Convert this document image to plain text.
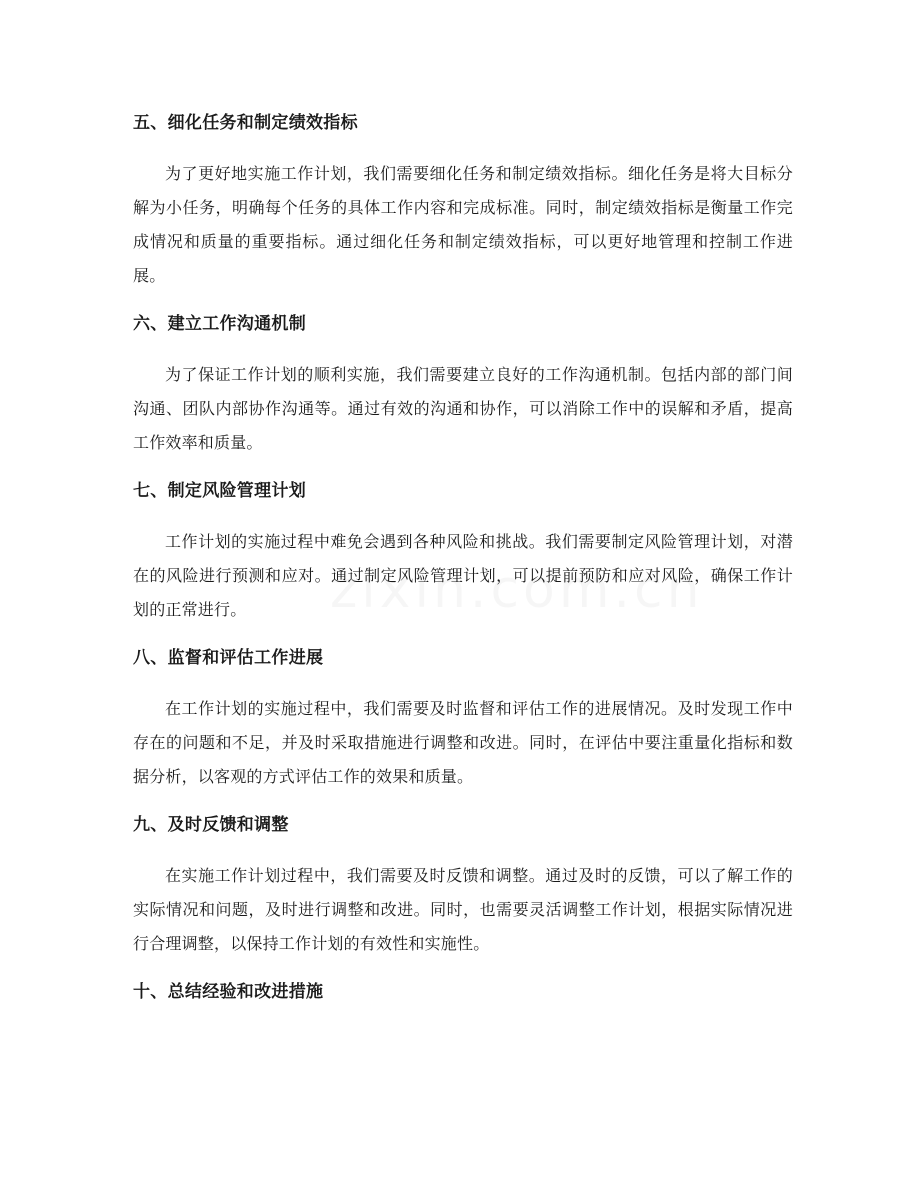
五、细化任务和制定绩效指标

为了更好地实施工作计划，我们需要细化任务和制定绩效指标。细化任务是将大目标分解为小任务，明确每个任务的具体工作内容和完成标准。同时，制定绩效指标是衡量工作完成情况和质量的重要指标。通过细化任务和制定绩效指标，可以更好地管理和控制工作进展。

六、建立工作沟通机制

为了保证工作计划的顺利实施，我们需要建立良好的工作沟通机制。包括内部的部门间沟通、团队内部协作沟通等。通过有效的沟通和协作，可以消除工作中的误解和矛盾，提高工作效率和质量。

七、制定风险管理计划

工作计划的实施过程中难免会遇到各种风险和挑战。我们需要制定风险管理计划，对潜在的风险进行预测和应对。通过制定风险管理计划，可以提前预防和应对风险，确保工作计划的正常进行。

八、监督和评估工作进展

在工作计划的实施过程中，我们需要及时监督和评估工作的进展情况。及时发现工作中存在的问题和不足，并及时采取措施进行调整和改进。同时，在评估中要注重量化指标和数据分析，以客观的方式评估工作的效果和质量。

九、及时反馈和调整

在实施工作计划过程中，我们需要及时反馈和调整。通过及时的反馈，可以了解工作的实际情况和问题，及时进行调整和改进。同时，也需要灵活调整工作计划，根据实际情况进行合理调整，以保持工作计划的有效性和实施性。

十、总结经验和改进措施
